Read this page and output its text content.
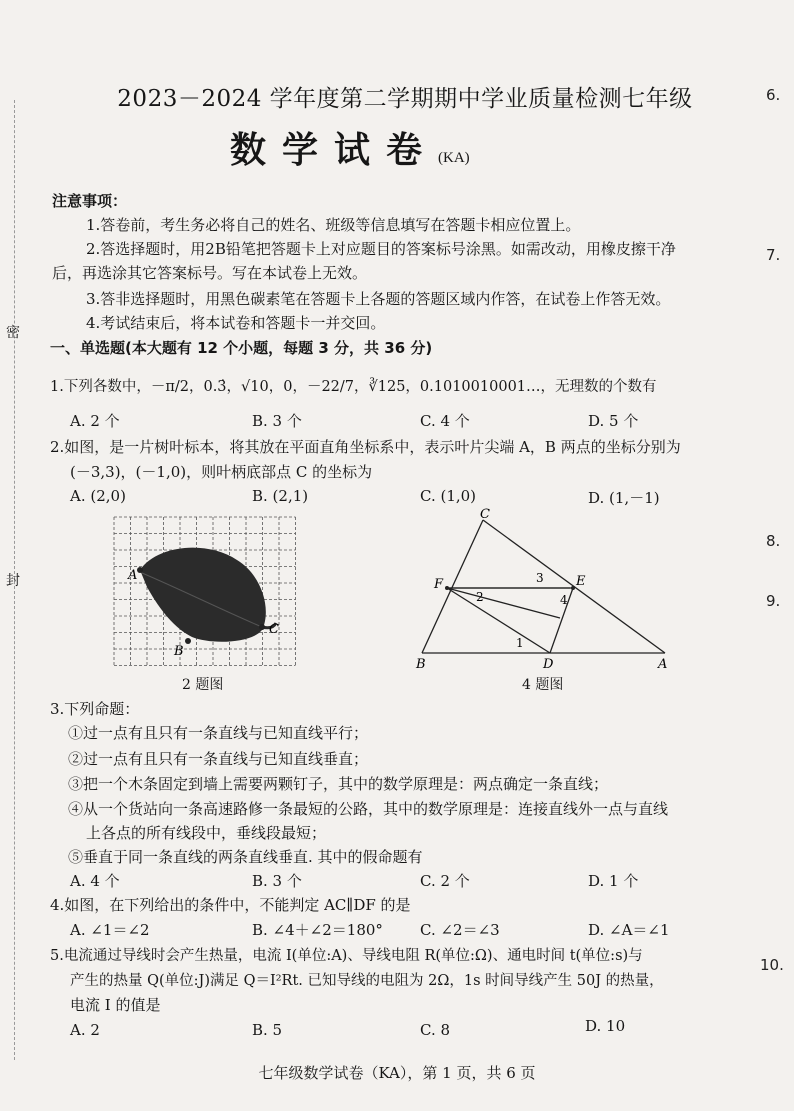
密
封
6.
7.
8.
9.
10.
2023－2024 学年度第二学期期中学业质量检测七年级
数学试卷(KA)
注意事项：
1.答卷前，考生务必将自己的姓名、班级等信息填写在答题卡相应位置上。
2.答选择题时，用2B铅笔把答题卡上对应题目的答案标号涂黑。如需改动，用橡皮擦干净
后，再选涂其它答案标号。写在本试卷上无效。
3.答非选择题时，用黑色碳素笔在答题卡上各题的答题区域内作答，在试卷上作答无效。
4.考试结束后，将本试卷和答题卡一并交回。
一、单选题(本大题有 12 个小题，每题 3 分，共 36 分)
1.下列各数中，－π/2，0.3̇，√10，0，－22/7，∛125，0.1010010001…，无理数的个数有
A. 2 个	B. 3 个	C. 4 个	D. 5 个
2.如图，是一片树叶标本，将其放在平面直角坐标系中，表示叶片尖端 A，B 两点的坐标分别为
(－3,3)，(－1,0)，则叶柄底部点 C 的坐标为
A. (2,0)	B. (2,1)	C. (1,0)	D. (1,－1)
A
B
C
2 题图
C
F	E
B	D	A
1
2
3
4
4 题图
3.下列命题：
①过一点有且只有一条直线与已知直线平行；
②过一点有且只有一条直线与已知直线垂直；
③把一个木条固定到墙上需要两颗钉子，其中的数学原理是：两点确定一条直线；
④从一个货站向一条高速路修一条最短的公路，其中的数学原理是：连接直线外一点与直线
上各点的所有线段中，垂线段最短；
⑤垂直于同一条直线的两条直线垂直. 其中的假命题有
A. 4 个	B. 3 个	C. 2 个	D. 1 个
4.如图，在下列给出的条件中，不能判定 AC∥DF 的是
A. ∠1＝∠2	B. ∠4＋∠2＝180° C. ∠2＝∠3	D. ∠A＝∠1
5.电流通过导线时会产生热量，电流 I(单位:A)、导线电阻 R(单位:Ω)、通电时间 t(单位:s)与
产生的热量 Q(单位:J)满足 Q＝I²Rt. 已知导线的电阻为 2Ω，1s 时间导线产生 50J 的热量，
电流 I 的值是
A. 2	B. 5	C. 8	D. 10
七年级数学试卷（KA），第 1 页，共 6 页
